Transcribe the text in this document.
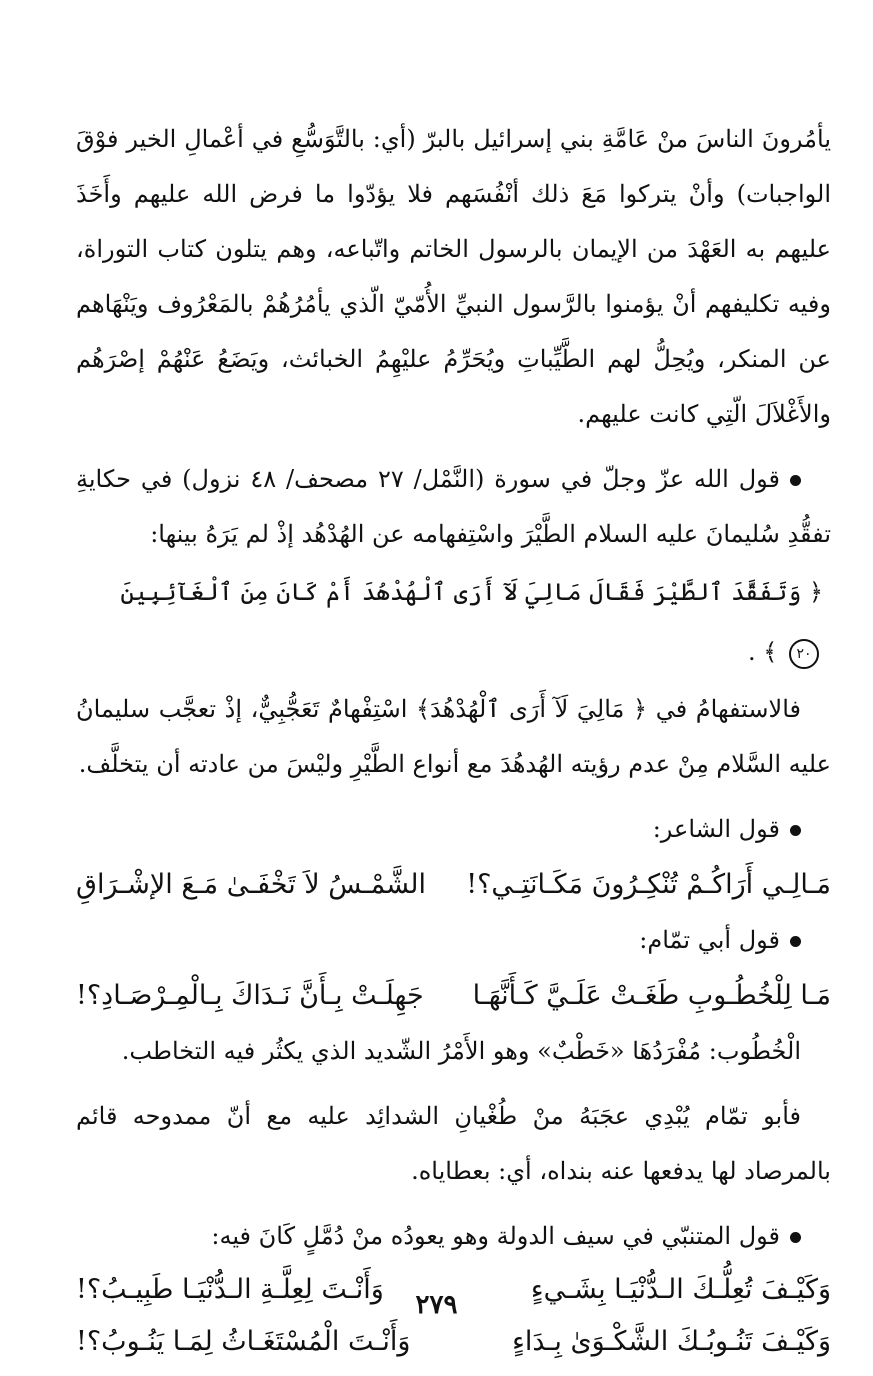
يأمُرونَ الناسَ منْ عَامَّةِ بني إسرائيل بالبرّ (أي: بالتَّوَسُّعِ في أعْمالِ الخير فوْقَ الواجبات) وأنْ يتركوا مَعَ ذلك أنْفُسَهم فلا يؤدّوا ما فرض الله عليهم وأَخَذَ عليهم به العَهْدَ من الإيمان بالرسول الخاتم واتّباعه، وهم يتلون كتاب التوراة، وفيه تكليفهم أنْ يؤمنوا بالرَّسول النبيِّ الأُمّيّ الّذي يأمُرُهُمْ بالمَعْرُوف ويَنْهَاهم عن المنكر، ويُحِلُّ لهم الطَّيِّباتِ ويُحَرِّمُ عليْهِمُ الخبائث، ويَضَعُ عَنْهُمْ إصْرَهُم والأَغْلاَلَ الّتِي كانت عليهم.

قول الله عزّ وجلّ في سورة (النَّمْل/ ٢٧ مصحف/ ٤٨ نزول) في حكايةِ تفقُّدِ سُليمانَ عليه السلام الطَّيْرَ واسْتِفهامه عن الهُدْهُد إذْ لم يَرَهُ بينها:

﴿ وَتَفَقَّدَ ٱلطَّيْرَ فَقَالَ مَالِيَ لَآ أَرَى ٱلْهُدْهُدَ أَمْ كَانَ مِنَ ٱلْغَآئِبِينَ ٢٠ ﴾ .

فالاستفهامُ في ﴿ مَالِيَ لَآ أَرَى ٱلْهُدْهُدَ﴾ اسْتِفْهامٌ تَعَجُّبِيٌّ، إذْ تعجَّب سليمانُ عليه السَّلام مِنْ عدم رؤيته الهُدهُدَ مع أنواع الطَّيْرِ وليْسَ من عادته أن يتخلَّف.

قول الشاعر:

مَـالِـي أَرَاكُـمْ تُنْكِـرُونَ مَكَـانَتِـي؟!
الشَّمْـسُ لاَ تَخْفَـىٰ مَـعَ الإشْـرَاقِ

قول أبي تمّام:

مَـا لِلْخُطُـوبِ طَغَـتْ عَلَـيَّ كَـأَنَّهَـا
جَهِلَـتْ بِـأَنَّ نَـدَاكَ بِـالْمِـرْصَـادِ؟!

الْخُطُوب: مُفْرَدُهَا «خَطْبٌ» وهو الأَمْرُ الشّديد الذي يكثُر فيه التخاطب.

فأبو تمّام يُبْدِي عجَبَهُ منْ طُغْيانِ الشدائِد عليه مع أنّ ممدوحه قائم بالمرصاد لها يدفعها عنه بنداه، أي: بعطاياه.

قول المتنبّي في سيف الدولة وهو يعودُه منْ دُمَّلٍ كَانَ فيه:

وَكَيْـفَ تُعِلُّـكَ الـدُّنْيَـا بِشَـيءٍ
وَأَنْـتَ لِعِلَّـةِ الـدُّنْيَـا طَبِيـبُ؟!
وَكَيْـفَ تَنُـوبُـكَ الشَّكْـوَىٰ بِـدَاءٍ
وَأَنْـتَ الْمُسْتَغَـاثُ لِمَـا يَنُـوبُ؟!
٢٧٩
